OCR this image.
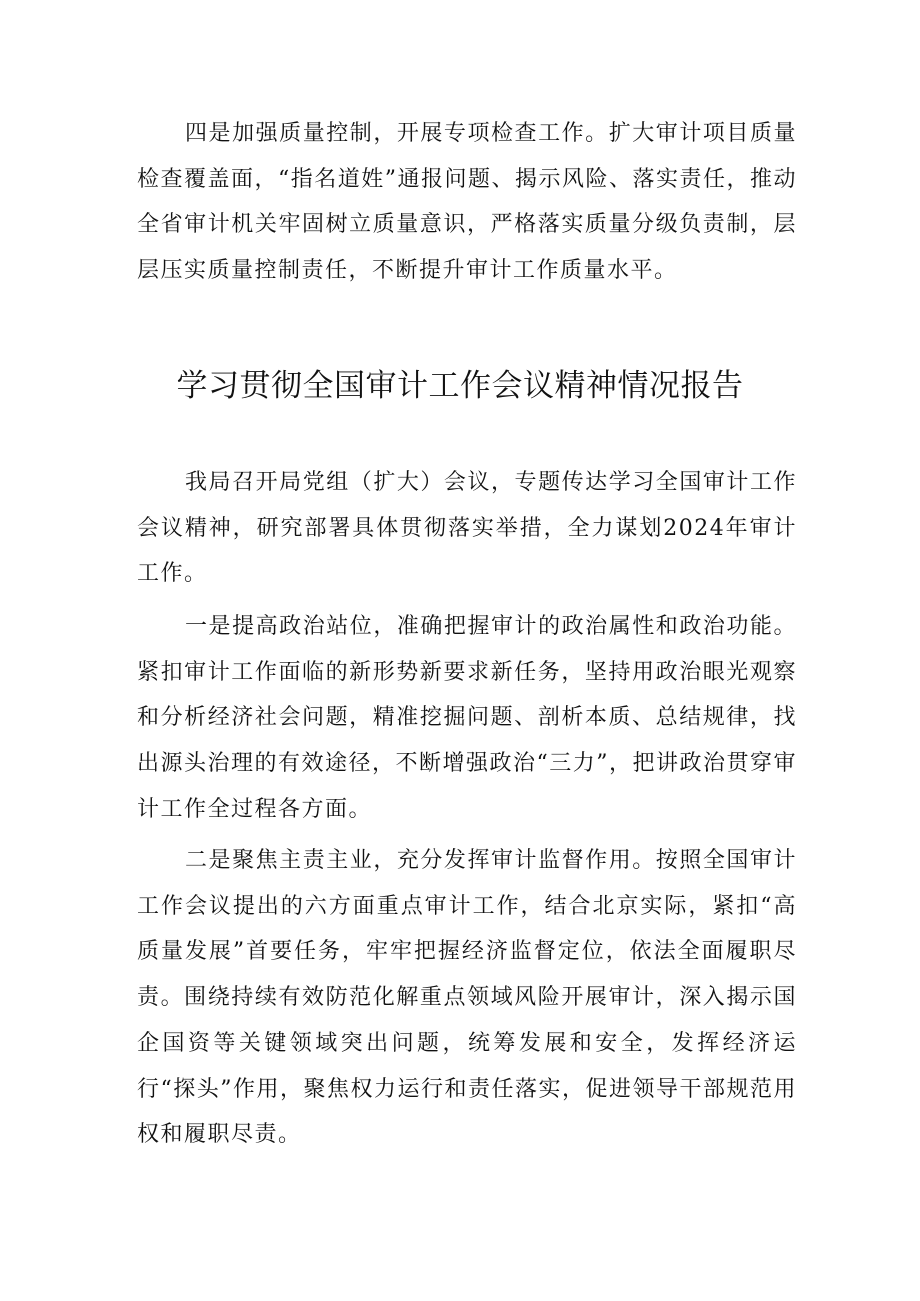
四是加强质量控制，开展专项检查工作。扩大审计项目质量检查覆盖面，“指名道姓”通报问题、揭示风险、落实责任，推动全省审计机关牢固树立质量意识，严格落实质量分级负责制，层层压实质量控制责任，不断提升审计工作质量水平。

学习贯彻全国审计工作会议精神情况报告

我局召开局党组（扩大）会议，专题传达学习全国审计工作会议精神，研究部署具体贯彻落实举措，全力谋划2024年审计工作。

一是提高政治站位，准确把握审计的政治属性和政治功能。紧扣审计工作面临的新形势新要求新任务，坚持用政治眼光观察和分析经济社会问题，精准挖掘问题、剖析本质、总结规律，找出源头治理的有效途径，不断增强政治“三力”，把讲政治贯穿审计工作全过程各方面。

二是聚焦主责主业，充分发挥审计监督作用。按照全国审计工作会议提出的六方面重点审计工作，结合北京实际，紧扣“高质量发展”首要任务，牢牢把握经济监督定位，依法全面履职尽责。围绕持续有效防范化解重点领域风险开展审计，深入揭示国企国资等关键领域突出问题，统筹发展和安全，发挥经济运行“探头”作用，聚焦权力运行和责任落实，促进领导干部规范用权和履职尽责。
